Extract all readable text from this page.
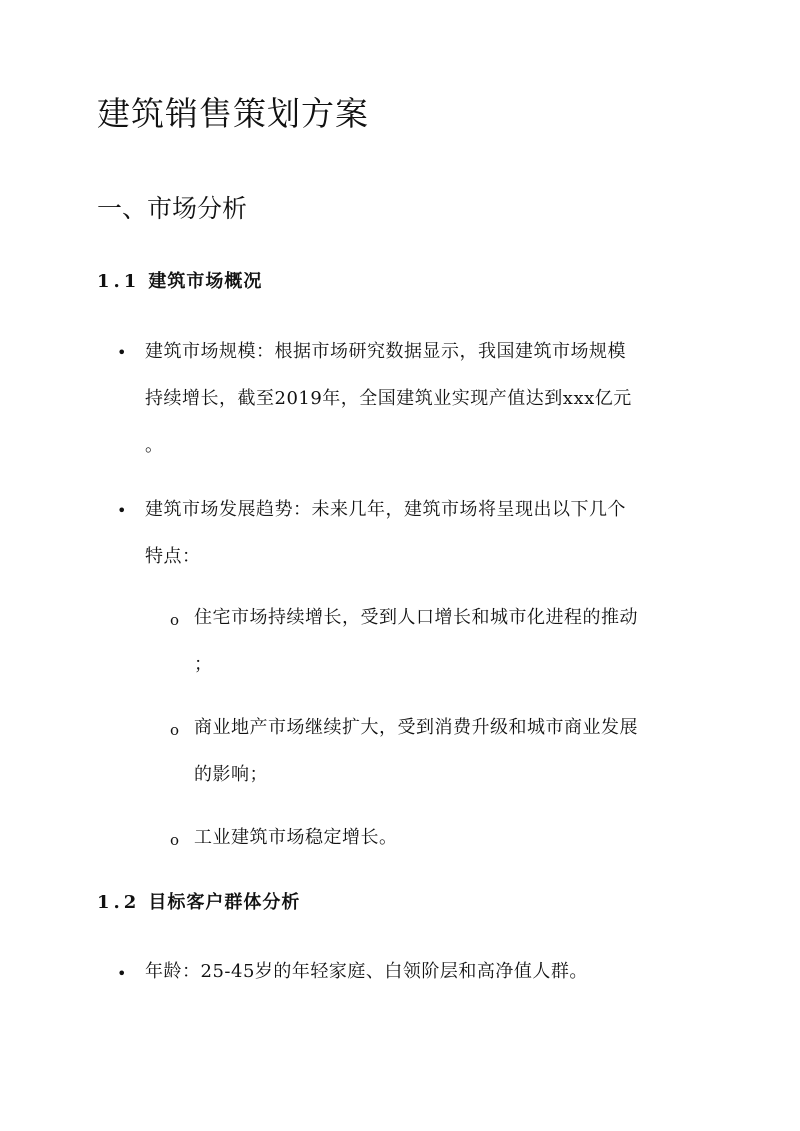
建筑销售策划方案
一、市场分析
1.1 建筑市场概况
• 建筑市场规模：根据市场研究数据显示，我国建筑市场规模
持续增长，截至2019年，全国建筑业实现产值达到xxx亿元
。

• 建筑市场发展趋势：未来几年，建筑市场将呈现出以下几个
特点：

o 住宅市场持续增长，受到人口增长和城市化进程的推动
；

o 商业地产市场继续扩大，受到消费升级和城市商业发展
的影响；

o 工业建筑市场稳定增长。

1.2 目标客户群体分析
• 年龄：25-45岁的年轻家庭、白领阶层和高净值人群。
